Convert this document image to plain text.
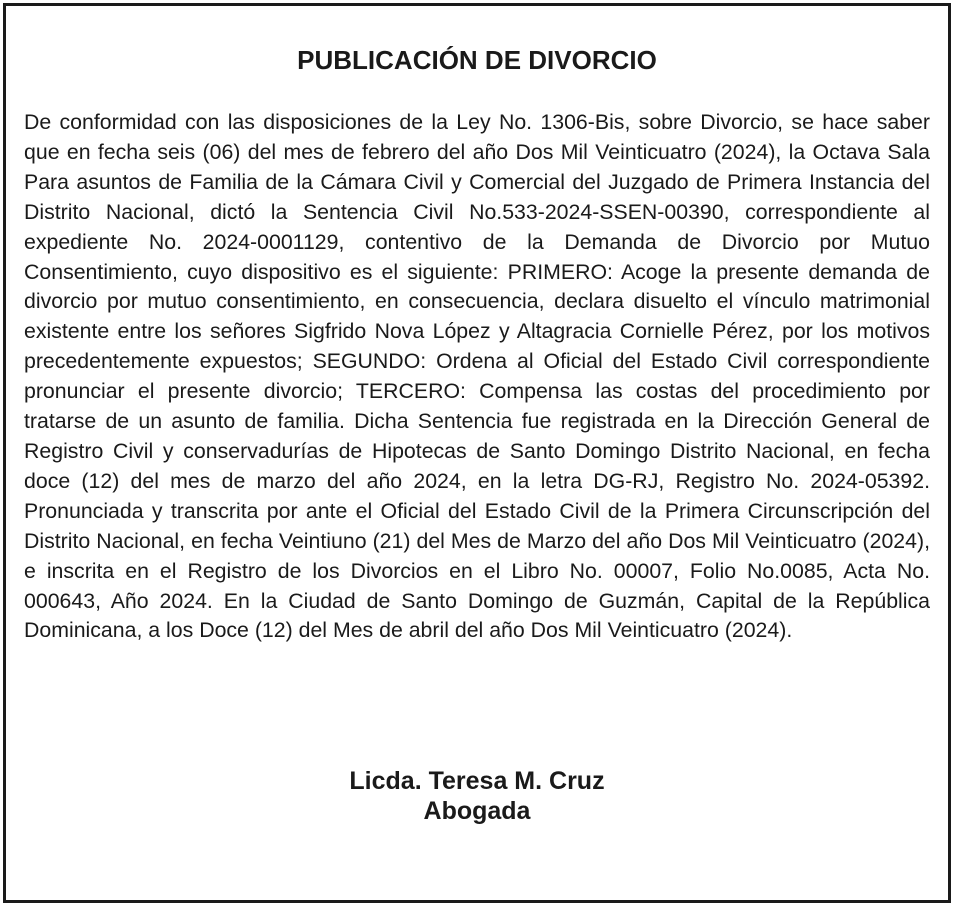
PUBLICACIÓN DE DIVORCIO

De conformidad con las disposiciones de la Ley No. 1306-Bis, sobre Divorcio, se hace saber que en fecha seis (06) del mes de febrero del año Dos Mil Veinticuatro (2024), la Octava Sala Para asuntos de Familia de la Cámara Civil y Comercial del Juzgado de Primera Instancia del Distrito Nacional, dictó la Sentencia Civil No.533-2024-SSEN-00390, correspondiente al expediente No. 2024-0001129, contentivo de la Demanda de Divorcio por Mutuo Consentimiento, cuyo dispositivo es el siguiente: PRIMERO: Acoge la presente demanda de divorcio por mutuo consentimiento, en consecuencia, declara disuelto el vínculo matrimonial existente entre los señores Sigfrido Nova López y Altagracia Cornielle Pérez, por los motivos precedentemente expuestos; SEGUNDO: Ordena al Oficial del Estado Civil correspondiente pronunciar el presente divorcio; TERCERO: Compensa las costas del procedimiento por tratarse de un asunto de familia. Dicha Sentencia fue registrada en la Dirección General de Registro Civil y conservadurías de Hipotecas de Santo Domingo Distrito Nacional, en fecha doce (12) del mes de marzo del año 2024, en la letra DG-RJ, Registro No. 2024-05392. Pronunciada y transcrita por ante el Oficial del Estado Civil de la Primera Circunscripción del Distrito Nacional, en fecha Veintiuno (21) del Mes de Marzo del año Dos Mil Veinticuatro (2024), e inscrita en el Registro de los Divorcios en el Libro No. 00007, Folio No.0085, Acta No. 000643, Año 2024. En la Ciudad de Santo Domingo de Guzmán, Capital de la República Dominicana, a los Doce (12) del Mes de abril del año Dos Mil Veinticuatro (2024).

Licda. Teresa M. Cruz
Abogada
